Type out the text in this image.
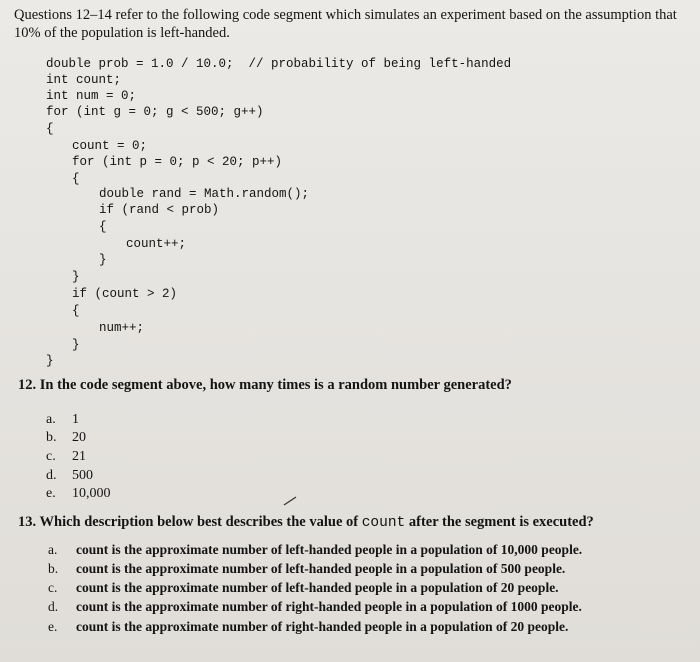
Questions 12–14 refer to the following code segment which simulates an experiment based on the assumption that 10% of the population is left-handed.
double prob = 1.0 / 10.0;  // probability of being left-handed
int count;
int num = 0;
for (int g = 0; g < 500; g++)
{
count = 0;
for (int p = 0; p < 20; p++)
{
double rand = Math.random();
if (rand < prob)
{
count++;
}
}
if (count > 2)
{
num++;
}
}
12. In the code segment above, how many times is a random number generated?
a. 1
b. 20
c. 21
d. 500
e. 10,000
13. Which description below best describes the value of count after the segment is executed?
a. count is the approximate number of left-handed people in a population of 10,000 people.
b. count is the approximate number of left-handed people in a population of 500 people.
c. count is the approximate number of left-handed people in a population of 20 people.
d. count is the approximate number of right-handed people in a population of 1000 people.
e. count is the approximate number of right-handed people in a population of 20 people.
